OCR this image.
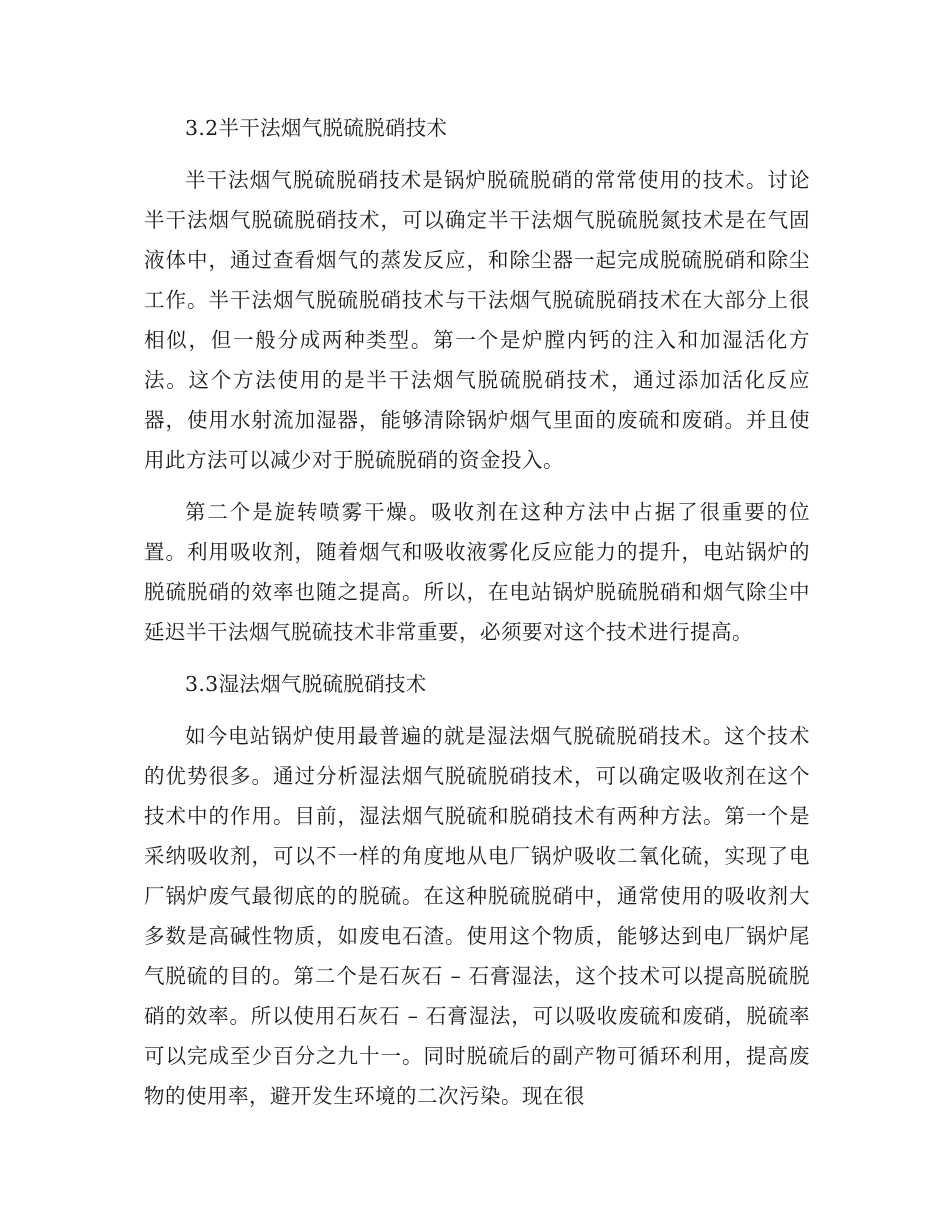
3.2半干法烟气脱硫脱硝技术

半干法烟气脱硫脱硝技术是锅炉脱硫脱硝的常常使用的技术。讨论半干法烟气脱硫脱硝技术，可以确定半干法烟气脱硫脱氮技术是在气固液体中，通过查看烟气的蒸发反应，和除尘器一起完成脱硫脱硝和除尘工作。半干法烟气脱硫脱硝技术与干法烟气脱硫脱硝技术在大部分上很相似，但一般分成两种类型。第一个是炉膛内钙的注入和加湿活化方法。这个方法使用的是半干法烟气脱硫脱硝技术，通过添加活化反应器，使用水射流加湿器，能够清除锅炉烟气里面的废硫和废硝。并且使用此方法可以减少对于脱硫脱硝的资金投入。

第二个是旋转喷雾干燥。吸收剂在这种方法中占据了很重要的位置。利用吸收剂，随着烟气和吸收液雾化反应能力的提升，电站锅炉的脱硫脱硝的效率也随之提高。所以，在电站锅炉脱硫脱硝和烟气除尘中延迟半干法烟气脱硫技术非常重要，必须要对这个技术进行提高。

3.3湿法烟气脱硫脱硝技术

如今电站锅炉使用最普遍的就是湿法烟气脱硫脱硝技术。这个技术的优势很多。通过分析湿法烟气脱硫脱硝技术，可以确定吸收剂在这个技术中的作用。目前，湿法烟气脱硫和脱硝技术有两种方法。第一个是采纳吸收剂，可以不一样的角度地从电厂锅炉吸收二氧化硫，实现了电厂锅炉废气最彻底的的脱硫。在这种脱硫脱硝中，通常使用的吸收剂大多数是高碱性物质，如废电石渣。使用这个物质，能够达到电厂锅炉尾气脱硫的目的。第二个是石灰石 – 石膏湿法，这个技术可以提高脱硫脱硝的效率。所以使用石灰石 – 石膏湿法，可以吸收废硫和废硝，脱硫率可以完成至少百分之九十一。同时脱硫后的副产物可循环利用，提高废物的使用率，避开发生环境的二次污染。现在很
